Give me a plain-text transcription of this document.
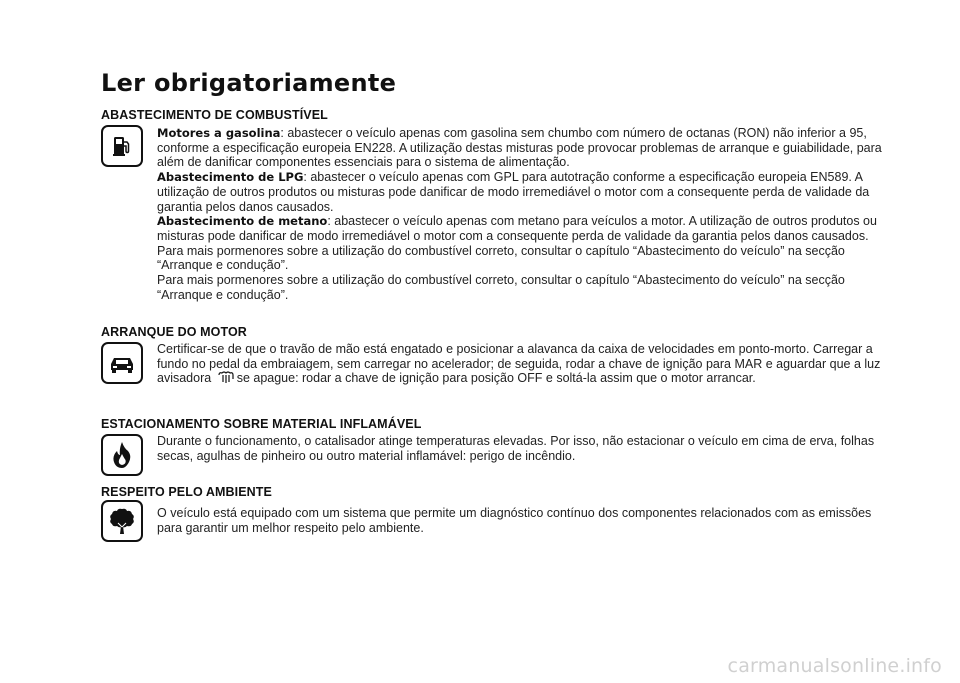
Ler obrigatoriamente
ABASTECIMENTO DE COMBUSTÍVEL

Motores a gasolina: abastecer o veículo apenas com gasolina sem chumbo com número de octanas (RON) não inferior a 95, conforme a especificação europeia EN228. A utilização destas misturas pode provocar problemas de arranque e guiabilidade, para além de danificar componentes essenciais para o sistema de alimentação.

Abastecimento de LPG: abastecer o veículo apenas com GPL para autotração conforme a especificação europeia EN589. A utilização de outros produtos ou misturas pode danificar de modo irremediável o motor com a consequente perda de validade da garantia pelos danos causados.

Abastecimento de metano: abastecer o veículo apenas com metano para veículos a motor. A utilização de outros produtos ou misturas pode danificar de modo irremediável o motor com a consequente perda de validade da garantia pelos danos causados. Para mais pormenores sobre a utilização do combustível correto, consultar o capítulo “Abastecimento do veículo” na secção “Arranque e condução”.

Para mais pormenores sobre a utilização do combustível correto, consultar o capítulo “Abastecimento do veículo” na secção “Arranque e condução”.

ARRANQUE DO MOTOR

Certificar-se de que o travão de mão está engatado e posicionar a alavanca da caixa de velocidades em ponto-morto. Carregar a fundo no pedal da embraiagem, sem carregar no acelerador; de seguida, rodar a chave de ignição para MAR e aguardar que a luz avisadora se apague: rodar a chave de ignição para posição OFF e soltá-la assim que o motor arrancar.

ESTACIONAMENTO SOBRE MATERIAL INFLAMÁVEL

Durante o funcionamento, o catalisador atinge temperaturas elevadas. Por isso, não estacionar o veículo em cima de erva, folhas secas, agulhas de pinheiro ou outro material inflamável: perigo de incêndio.

RESPEITO PELO AMBIENTE

O veículo está equipado com um sistema que permite um diagnóstico contínuo dos componentes relacionados com as emissões para garantir um melhor respeito pelo ambiente.

carmanualsonline.info
